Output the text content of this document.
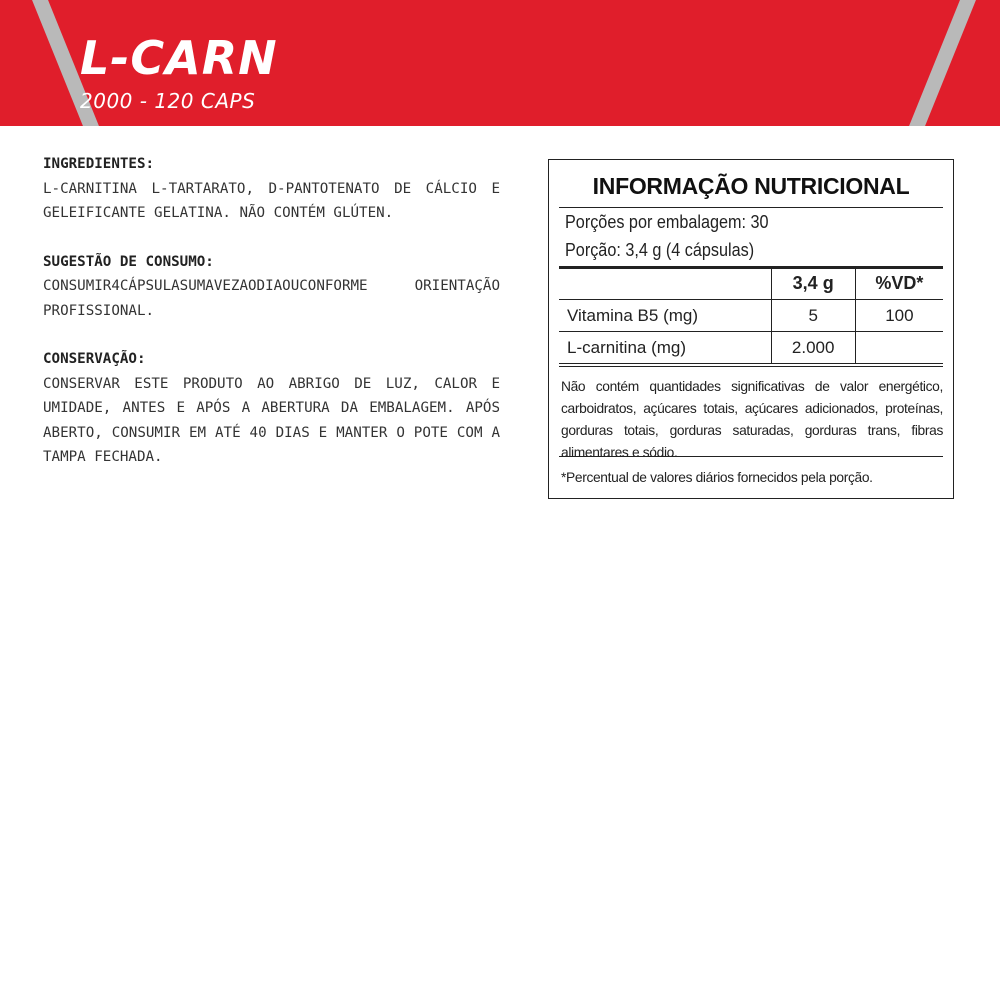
L-CARN
2000 - 120 CAPS
INGREDIENTES:
L-CARNITINA L-TARTARATO, D-PANTOTENATO DE CÁLCIO E GELEIFICANTE GELATINA. NÃO CONTÉM GLÚTEN.
SUGESTÃO DE CONSUMO:
CONSUMIR4CÁPSULASUMAVEZAODIAOUCONFORME ORIENTAÇÃO PROFISSIONAL.
CONSERVAÇÃO:
CONSERVAR ESTE PRODUTO AO ABRIGO DE LUZ, CALOR E UMIDADE, ANTES E APÓS A ABERTURA DA EMBALAGEM. APÓS ABERTO, CONSUMIR EM ATÉ 40 DIAS E MANTER O POTE COM A TAMPA FECHADA.
INFORMAÇÃO NUTRICIONAL
Porções por embalagem: 30
Porção: 3,4 g (4 cápsulas)
	3,4 g	%VD*
Vitamina B5 (mg)	5	100
L-carnitina (mg)	2.000	
Não contém quantidades significativas de valor energético, carboidratos, açúcares totais, açúcares adicionados, proteínas, gorduras totais, gorduras saturadas, gorduras trans, fibras alimentares e sódio.
*Percentual de valores diários fornecidos pela porção.
